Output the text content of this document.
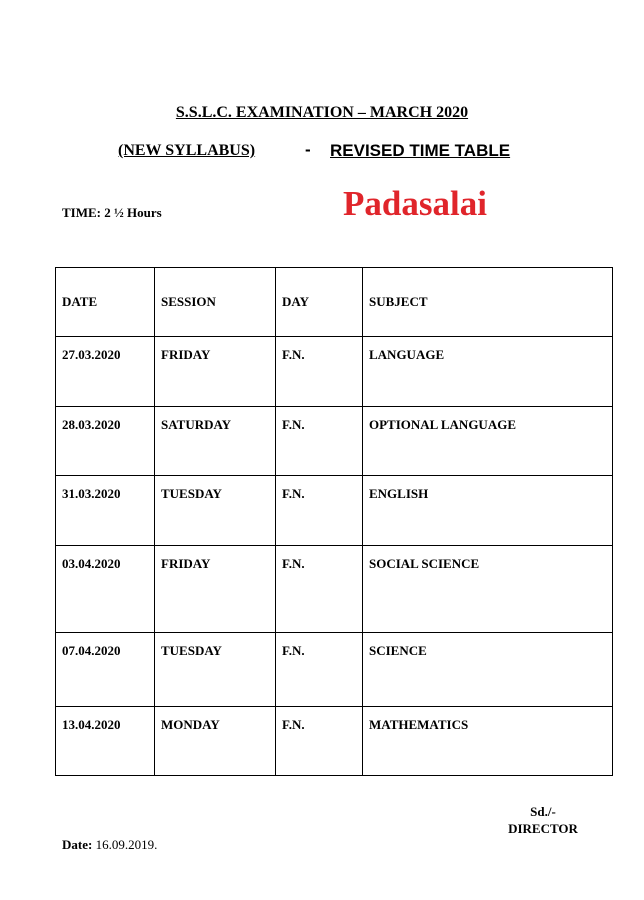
S.S.L.C. EXAMINATION – MARCH 2020
(NEW SYLLABUS)	- REVISED TIME TABLE
TIME: 2 ½ Hours	Padasalai
DATE	SESSION	DAY	SUBJECT
27.03.2020	FRIDAY	F.N.	LANGUAGE
28.03.2020	SATURDAY	F.N.	OPTIONAL LANGUAGE
31.03.2020	TUESDAY	F.N.	ENGLISH
03.04.2020	FRIDAY	F.N.	SOCIAL SCIENCE
07.04.2020	TUESDAY	F.N.	SCIENCE
13.04.2020	MONDAY	F.N.	MATHEMATICS
Sd./-
DIRECTOR
Date: 16.09.2019.
